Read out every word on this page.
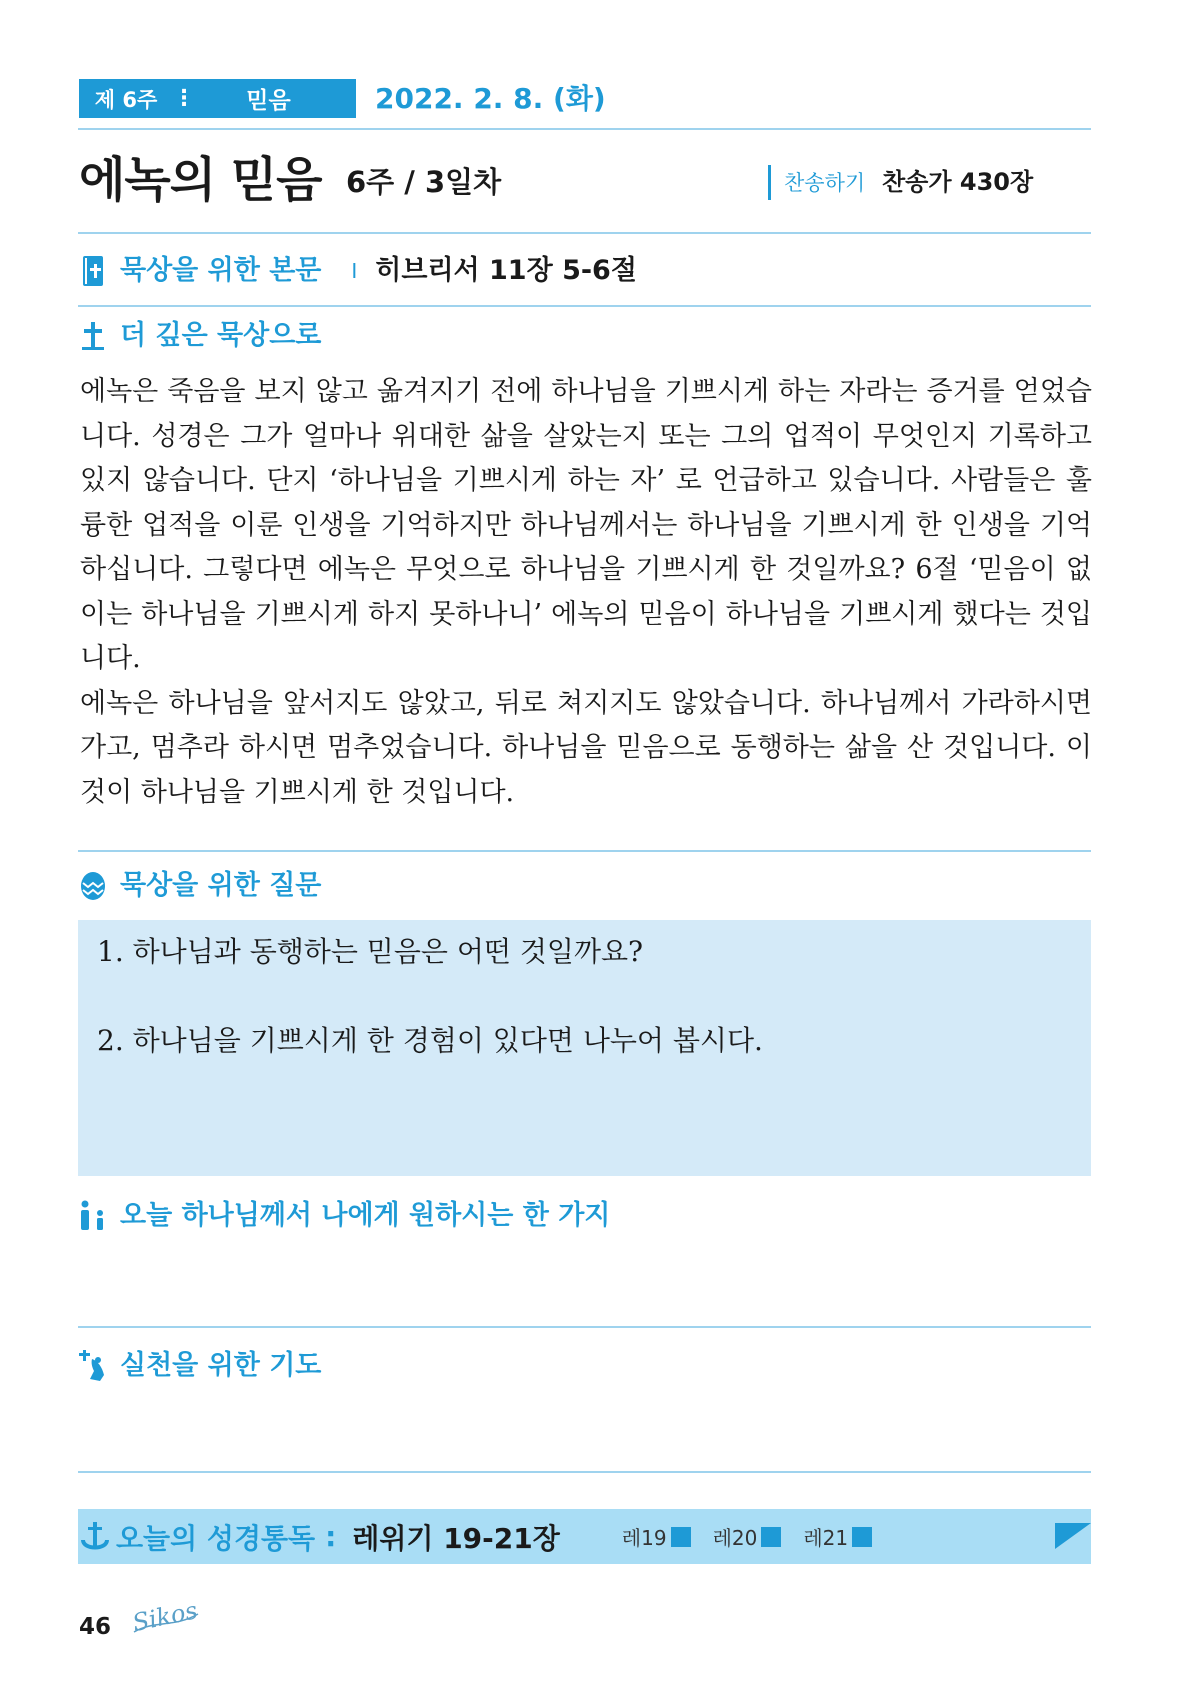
제 6주 ⋮	믿음	2022. 2. 8. (화)
에녹의 믿음 6주 / 3일차	찬송하기 찬송가 430장
묵상을 위한 본문 I 히브리서 11장 5-6절
더 깊은 묵상으로

에녹은 죽음을 보지 않고 옮겨지기 전에 하나님을 기쁘시게 하는 자라는 증거를 얻었습니다. 성경은 그가 얼마나 위대한 삶을 살았는지 또는 그의 업적이 무엇인지 기록하고 있지 않습니다. 단지 ‘하나님을 기쁘시게 하는 자’ 로 언급하고 있습니다. 사람들은 훌륭한 업적을 이룬 인생을 기억하지만 하나님께서는 하나님을 기쁘시게 한 인생을 기억하십니다. 그렇다면 에녹은 무엇으로 하나님을 기쁘시게 한 것일까요? 6절 ‘믿음이 없이는 하나님을 기쁘시게 하지 못하나니’ 에녹의 믿음이 하나님을 기쁘시게 했다는 것입니다.

에녹은 하나님을 앞서지도 않았고, 뒤로 쳐지지도 않았습니다. 하나님께서 가라하시면 가고, 멈추라 하시면 멈추었습니다. 하나님을 믿음으로 동행하는 삶을 산 것입니다. 이것이 하나님을 기쁘시게 한 것입니다.

묵상을 위한 질문
1. 하나님과 동행하는 믿음은 어떤 것일까요?
2. 하나님을 기쁘시게 한 경험이 있다면 나누어 봅시다.
오늘 하나님께서 나에게 원하시는 한 가지
실천을 위한 기도
오늘의 성경통독 : 레위기 19-21장	레19 레20 레21
46 Sikos
